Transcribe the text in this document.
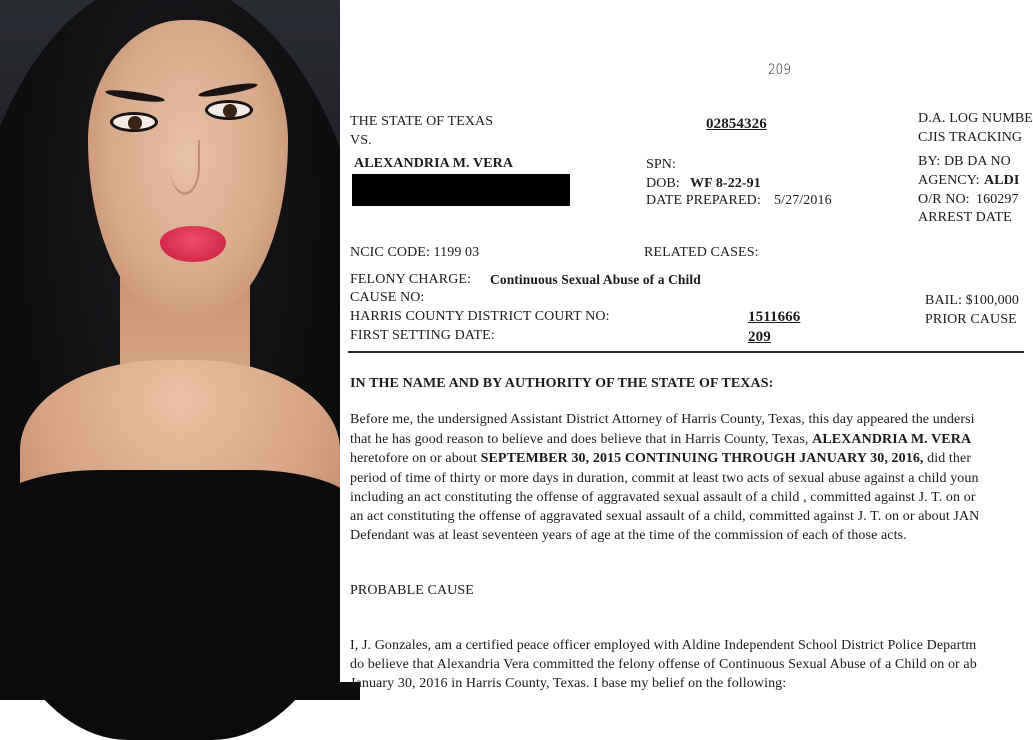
209
THE STATE OF TEXAS
VS.
02854326
ALEXANDRIA M. VERA	SPN:
DOB: WF 8-22-91
DATE PREPARED: 5/27/2016
D.A. LOG NUMBE
CJIS TRACKING
BY: DB DA NO
AGENCY: ALDI
O/R NO: 160297
ARREST DATE
NCIC CODE: 1199 03	RELATED CASES:
FELONY CHARGE: Continuous Sexual Abuse of a Child
CAUSE NO:
HARRIS COUNTY DISTRICT COURT NO:	1511666
FIRST SETTING DATE:	209
BAIL: $100,000
PRIOR CAUSE
IN THE NAME AND BY AUTHORITY OF THE STATE OF TEXAS:
Before me, the undersigned Assistant District Attorney of Harris County, Texas, this day appeared the undersi
that he has good reason to believe and does believe that in Harris County, Texas, ALEXANDRIA M. VERA
heretofore on or about SEPTEMBER 30, 2015 CONTINUING THROUGH JANUARY 30, 2016, did ther
period of time of thirty or more days in duration, commit at least two acts of sexual abuse against a child youn
including an act constituting the offense of aggravated sexual assault of a child , committed against J. T. on or
an act constituting the offense of aggravated sexual assault of a child, committed against J. T. on or about JAN
Defendant was at least seventeen years of age at the time of the commission of each of those acts.
PROBABLE CAUSE
I, J. Gonzales, am a certified peace officer employed with Aldine Independent School District Police Departm
do believe that Alexandria Vera committed the felony offense of Continuous Sexual Abuse of a Child on or ab
January 30, 2016 in Harris County, Texas. I base my belief on the following:
